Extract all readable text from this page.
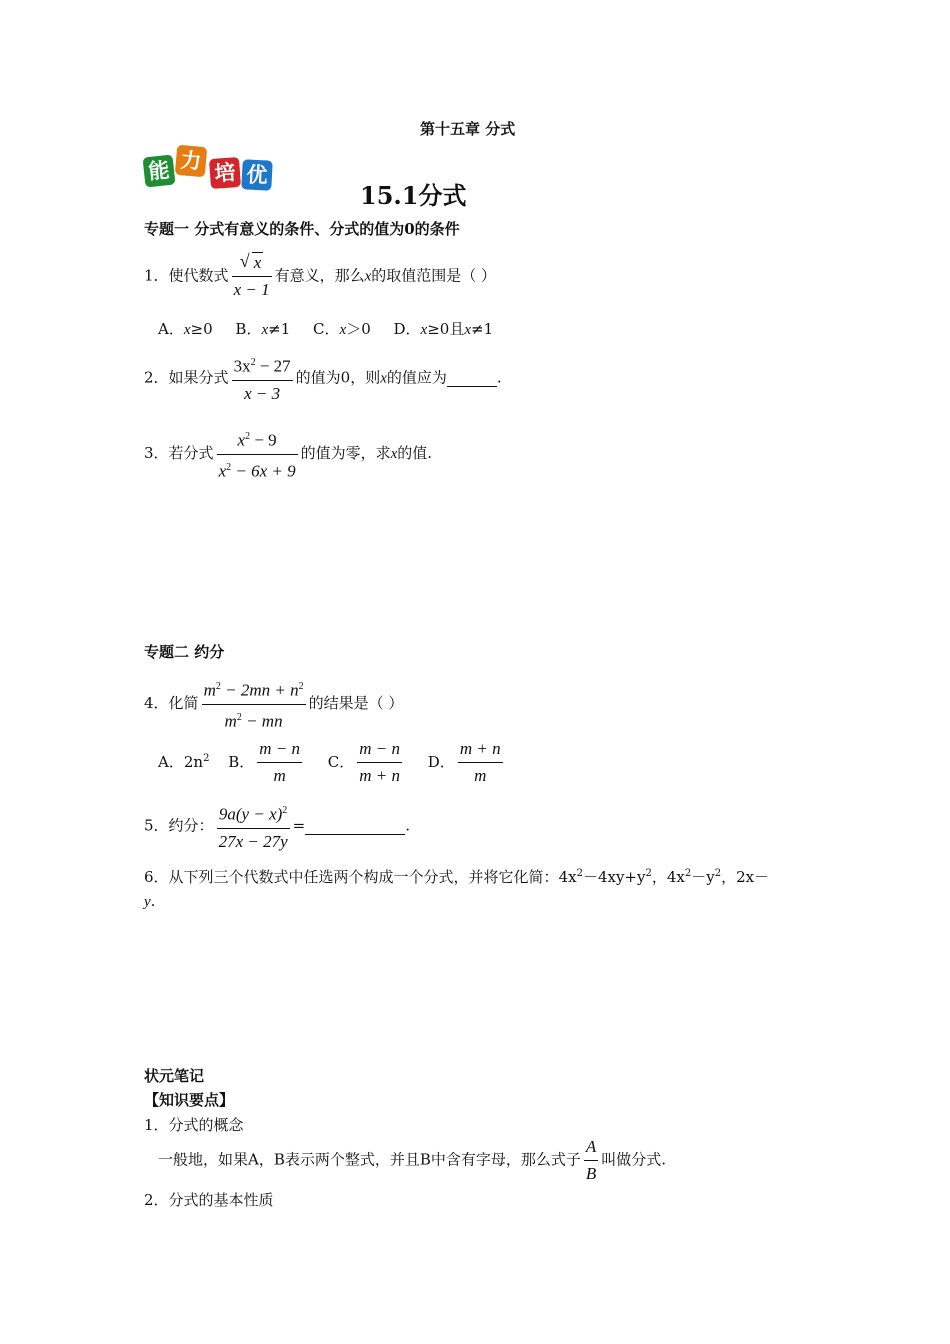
第十五章 分式
能 力 培 优
15.1分式
专题一 分式有意义的条件、分式的值为0的条件
1．使代数式 $\frac{√ x}{x - 1}$ 有意义，那么x的取值范围是（ ）
A．x≥0 B．x≠1 C．x＞0 D．x≥0且x≠1
2．如果分式 $\frac{3x^2 - 27}{x - 3}$ 的值为0，则x的值应为	.
3．若分式 $\frac{x^2 - 9}{x^2 - 6x + 9}$ 的值为零，求x的值.
专题二 约分
4．化简 $\frac{m^2 - 2mn + n^2}{m^2 - mn}$ 的结果是（ ）
A．$2n^2$ B． $\frac{m - n}{m}$ C． $\frac{m - n}{m + n}$ D． $\frac{m + n}{m}$
5．约分： $\frac{9a(y - x)^2}{27x - 27y}$ =	.
6．从下列三个代数式中任选两个构成一个分式，并将它化简：$4x^2-4xy+y^2$，$4x^2-y^2$，2x－
y.
状元笔记
【知识要点】
1．分式的概念
一般地，如果A，B表示两个整式，并且B中含有字母，那么式子 $\frac{A}{B}$ 叫做分式.
2．分式的基本性质
